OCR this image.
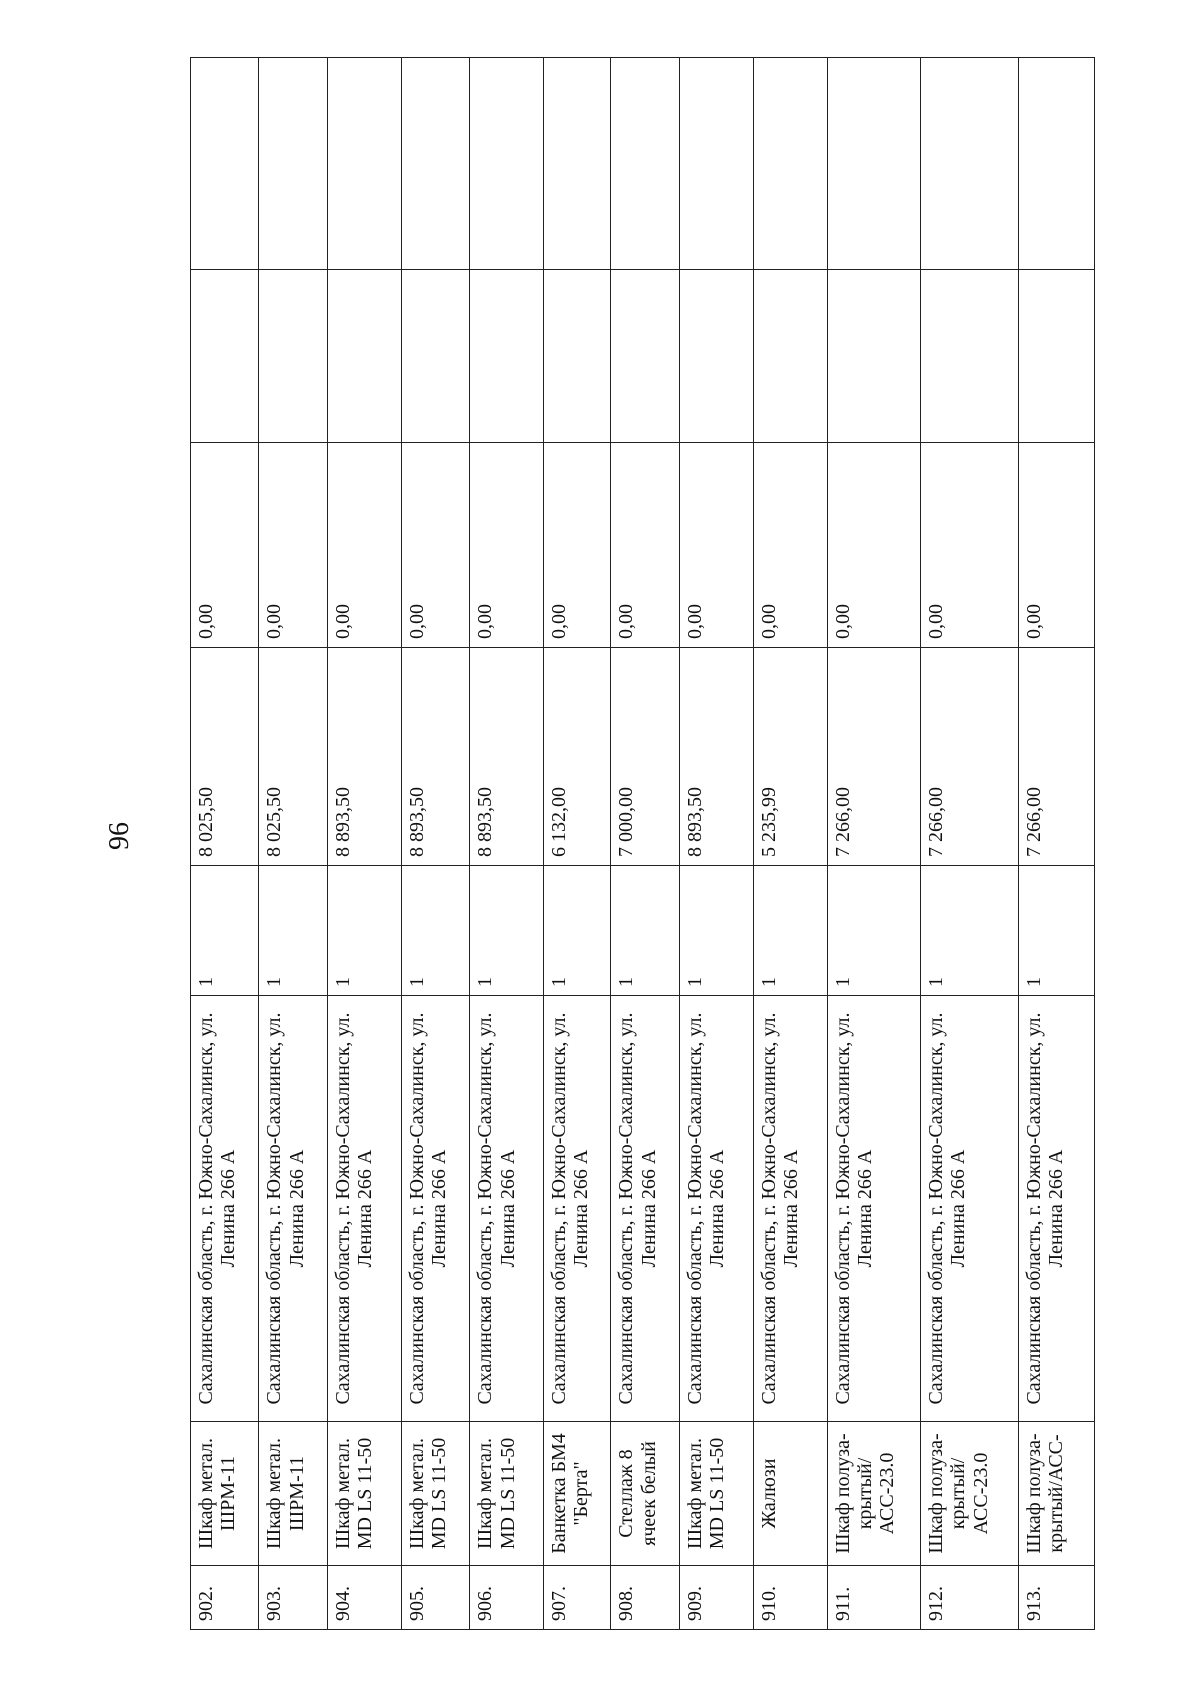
96
902.	Шкаф метал. ШРМ-11	Сахалинская область, г. Южно-Сахалинск, ул. Ленина 266 А	1	8 025,50	0,00		
903.	Шкаф метал. ШРМ-11	Сахалинская область, г. Южно-Сахалинск, ул. Ленина 266 А	1	8 025,50	0,00		
904.	Шкаф метал. MD LS 11-50	Сахалинская область, г. Южно-Сахалинск, ул. Ленина 266 А	1	8 893,50	0,00		
905.	Шкаф метал. MD LS 11-50	Сахалинская область, г. Южно-Сахалинск, ул. Ленина 266 А	1	8 893,50	0,00		
906.	Шкаф метал. MD LS 11-50	Сахалинская область, г. Южно-Сахалинск, ул. Ленина 266 А	1	8 893,50	0,00		
907.	Банкетка БМ4 "Берта"	Сахалинская область, г. Южно-Сахалинск, ул. Ленина 266 А	1	6 132,00	0,00		
908.	Стеллаж 8 ячеек белый	Сахалинская область, г. Южно-Сахалинск, ул. Ленина 266 А	1	7 000,00	0,00		
909.	Шкаф метал. MD LS 11-50	Сахалинская область, г. Южно-Сахалинск, ул. Ленина 266 А	1	8 893,50	0,00		
910.	Жалюзи	Сахалинская область, г. Южно-Сахалинск, ул. Ленина 266 А	1	5 235,99	0,00		
911.	Шкаф полуза-крытый/АСС-23.0	Сахалинская область, г. Южно-Сахалинск, ул. Ленина 266 А	1	7 266,00	0,00		
912.	Шкаф полуза-крытый/АСС-23.0	Сахалинская область, г. Южно-Сахалинск, ул. Ленина 266 А	1	7 266,00	0,00		
913.	Шкаф полуза-крытый/АСС-	Сахалинская область, г. Южно-Сахалинск, ул. Ленина 266 А	1	7 266,00	0,00		
